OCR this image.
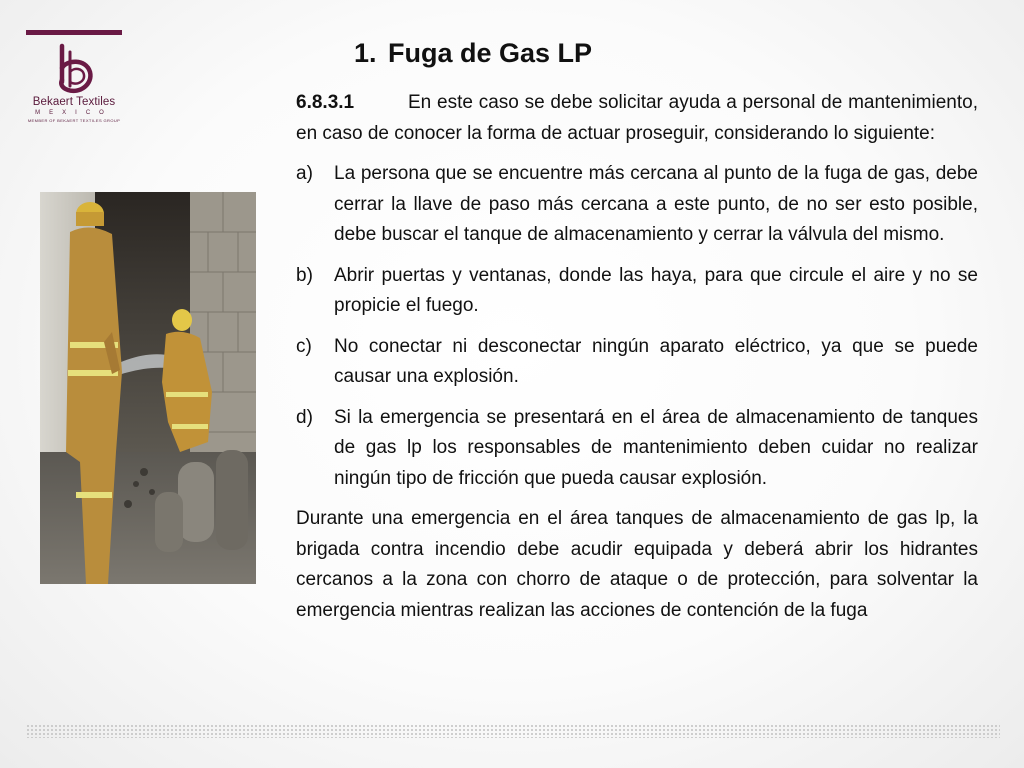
Bekaert Textiles
MEXICO
MEMBER OF BEKAERT TEXTILES GROUP
1. Fuga de Gas LP

6.8.3.1	En este caso se debe solicitar ayuda a personal de mantenimiento, en caso de conocer la forma de actuar proseguir, considerando lo siguiente:

a)	La persona que se encuentre más cercana al punto de la fuga de gas, debe cerrar la llave de paso más cercana a este punto, de no ser esto posible, debe buscar el tanque de almacenamiento y cerrar la válvula del mismo.
b)	Abrir puertas y ventanas, donde las haya, para que circule el aire y no se propicie el fuego.
c)	No conectar ni desconectar ningún aparato eléctrico, ya que se puede causar una explosión.
d)	Si la emergencia se presentará en el área de almacenamiento de tanques de gas lp los responsables de mantenimiento deben cuidar no realizar ningún tipo de fricción que pueda causar explosión.

Durante una emergencia en el área tanques de almacenamiento de gas lp, la brigada contra incendio debe acudir equipada y deberá abrir los hidrantes cercanos a la zona con chorro de ataque o de protección, para solventar la emergencia mientras realizan las acciones de contención de la fuga
